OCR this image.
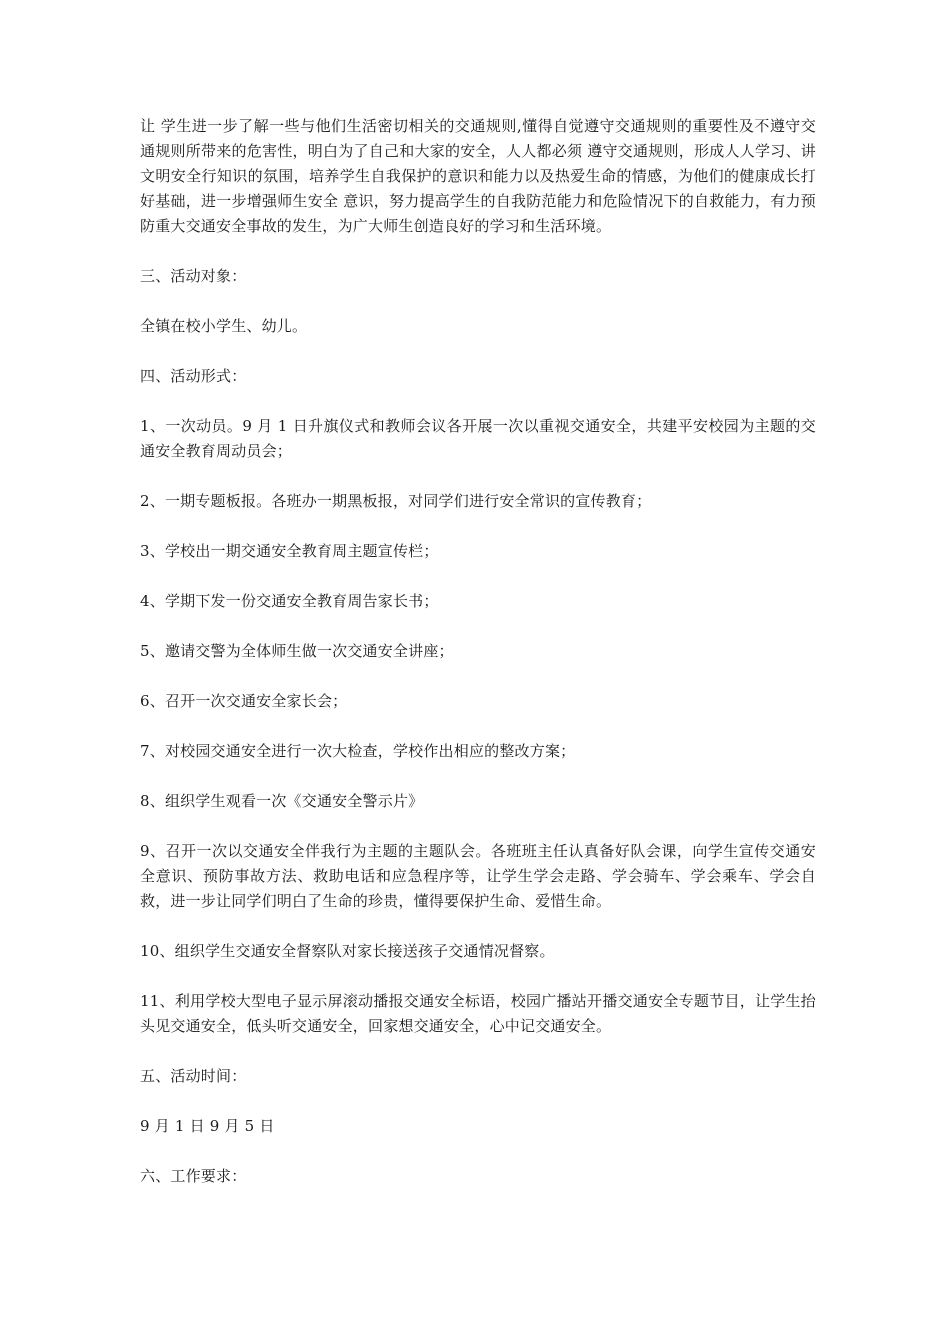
让 学生进一步了解一些与他们生活密切相关的交通规则,懂得自觉遵守交通规则的重要性及不遵守交通规则所带来的危害性，明白为了自己和大家的安全，人人都必须 遵守交通规则，形成人人学习、讲文明安全行知识的氛围，培养学生自我保护的意识和能力以及热爱生命的情感，为他们的健康成长打好基础，进一步增强师生安全 意识，努力提高学生的自我防范能力和危险情况下的自救能力，有力预防重大交通安全事故的发生，为广大师生创造良好的学习和生活环境。

三、活动对象：

全镇在校小学生、幼儿。

四、活动形式：

1、一次动员。9 月 1 日升旗仪式和教师会议各开展一次以重视交通安全，共建平安校园为主题的交通安全教育周动员会；

2、一期专题板报。各班办一期黑板报，对同学们进行安全常识的宣传教育；

3、学校出一期交通安全教育周主题宣传栏；

4、学期下发一份交通安全教育周告家长书；

5、邀请交警为全体师生做一次交通安全讲座；

6、召开一次交通安全家长会；

7、对校园交通安全进行一次大检查，学校作出相应的整改方案；

8、组织学生观看一次《交通安全警示片》

9、召开一次以交通安全伴我行为主题的主题队会。各班班主任认真备好队会课，向学生宣传交通安全意识、预防事故方法、救助电话和应急程序等，让学生学会走路、学会骑车、学会乘车、学会自救，进一步让同学们明白了生命的珍贵，懂得要保护生命、爱惜生命。

10、组织学生交通安全督察队对家长接送孩子交通情况督察。

11、利用学校大型电子显示屏滚动播报交通安全标语，校园广播站开播交通安全专题节目，让学生抬头见交通安全，低头听交通安全，回家想交通安全，心中记交通安全。

五、活动时间：

9 月 1 日 9 月 5 日

六、工作要求：
